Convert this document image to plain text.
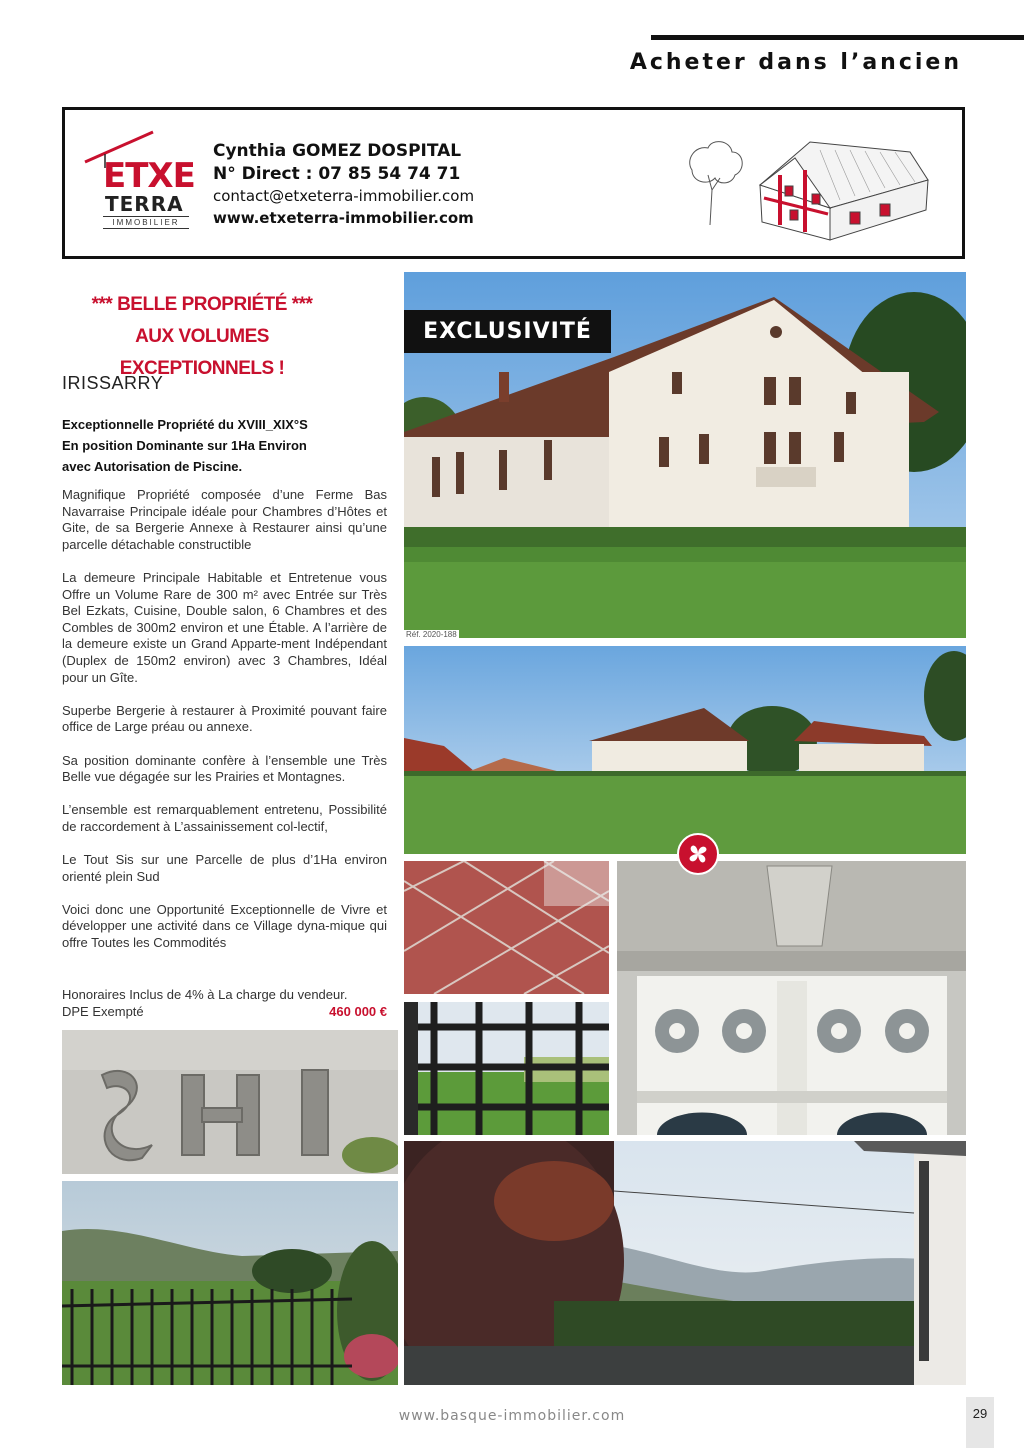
Acheter dans l’ancien
ETXE
TERRA
IMMOBILIER
Cynthia GOMEZ DOSPITAL
N° Direct : 07 85 54 74 71
contact@etxeterra-immobilier.com
www.etxeterra-immobilier.com
*** BELLE PROPRIÉTÉ ***
AUX VOLUMES EXCEPTIONNELS !
IRISSARRY
Exceptionnelle Propriété du XVIII_XIX°S
En position Dominante sur 1Ha Environ
avec Autorisation de Piscine.

Magnifique Propriété composée d’une Ferme Bas Navarraise Principale idéale pour Chambres d’Hôtes et Gite, de sa Bergerie Annexe à Restaurer ainsi qu’une parcelle détachable constructible

La demeure Principale Habitable et Entretenue vous Offre un Volume Rare de 300 m² avec Entrée sur Très Bel Ezkats, Cuisine, Double salon, 6 Chambres et des Combles de 300m2 environ et une Étable. A l’arrière de la demeure existe un Grand Apparte-ment Indépendant (Duplex de 150m2 environ) avec 3 Chambres, Idéal pour un Gîte.

Superbe Bergerie à restaurer à Proximité pouvant faire office de Large préau ou annexe.

Sa position dominante confère à l’ensemble une Très Belle vue dégagée sur les Prairies et Montagnes.

L’ensemble est remarquablement entretenu, Possibilité de raccordement à L’assainissement col-lectif,

Le Tout Sis sur une Parcelle de plus d’1Ha environ orienté plein Sud

Voici donc une Opportunité Exceptionnelle de Vivre et développer une activité dans ce Village dyna-mique qui offre Toutes les Commodités

Honoraires Inclus de 4% à La charge du vendeur.
DPE Exempté	460 000 €
EXCLUSIVITÉ
Réf. 2020-188
www.basque-immobilier.com	29
